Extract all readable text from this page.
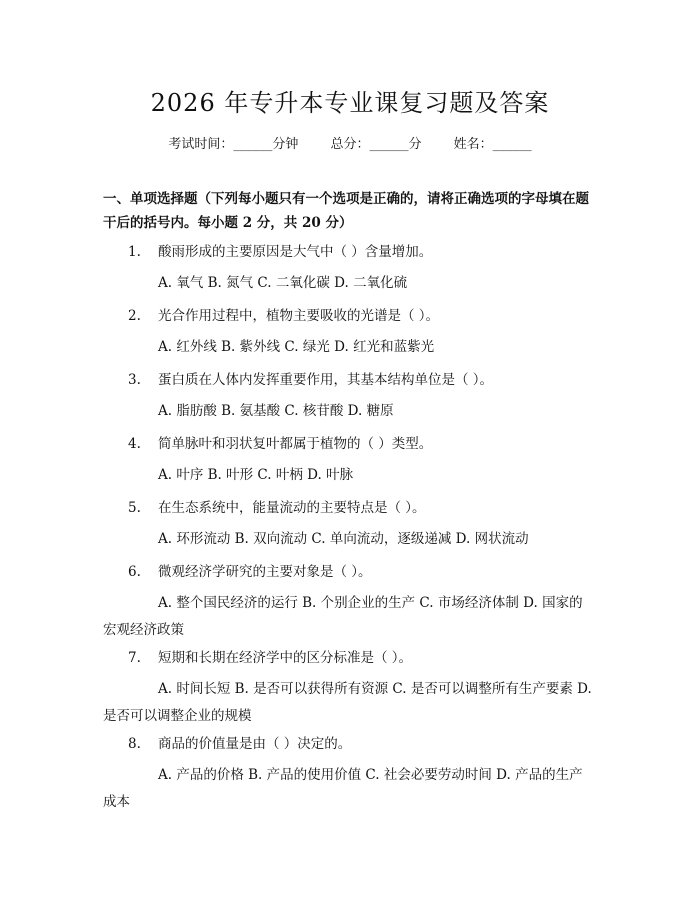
2026 年专升本专业课复习题及答案
考试时间：______分钟 总分：______分 姓名：______
一、单项选择题（下列每小题只有一个选项是正确的，请将正确选项的字母填在题干后的括号内。每小题 2 分，共 20 分）
1. 酸雨形成的主要原因是大气中（ ）含量增加。
A. 氧气 B. 氮气 C. 二氧化碳 D. 二氧化硫
2. 光合作用过程中，植物主要吸收的光谱是（ ）。
A. 红外线 B. 紫外线 C. 绿光 D. 红光和蓝紫光
3. 蛋白质在人体内发挥重要作用，其基本结构单位是（ ）。
A. 脂肪酸 B. 氨基酸 C. 核苷酸 D. 糖原
4. 简单脉叶和羽状复叶都属于植物的（ ）类型。
A. 叶序 B. 叶形 C. 叶柄 D. 叶脉
5. 在生态系统中，能量流动的主要特点是（ ）。
A. 环形流动 B. 双向流动 C. 单向流动，逐级递减 D. 网状流动
6. 微观经济学研究的主要对象是（ ）。
A. 整个国民经济的运行 B. 个别企业的生产 C. 市场经济体制 D. 国家的宏观经济政策
7. 短期和长期在经济学中的区分标准是（ ）。
A. 时间长短 B. 是否可以获得所有资源 C. 是否可以调整所有生产要素 D. 是否可以调整企业的规模
8. 商品的价值量是由（ ）决定的。
A. 产品的价格 B. 产品的使用价值 C. 社会必要劳动时间 D. 产品的生产成本
